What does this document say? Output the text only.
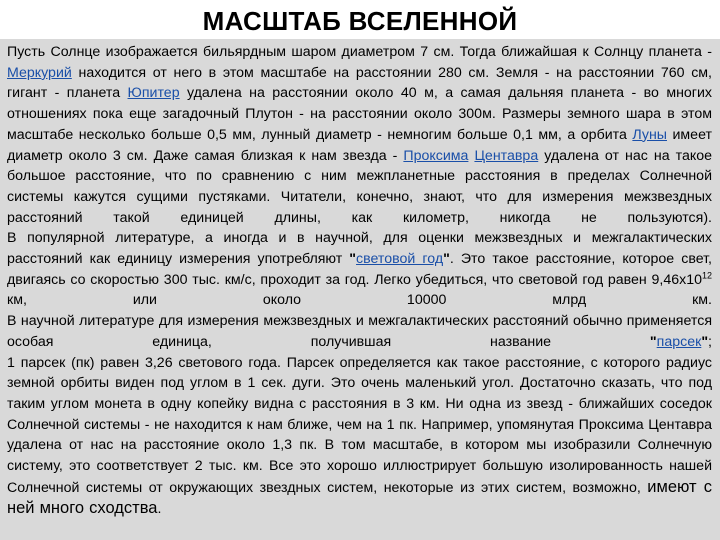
МАСШТАБ ВСЕЛЕННОЙ

Пусть Солнце изображается бильярдным шаром диаметром 7 см. Тогда ближайшая к Солнцу планета - Меркурий находится от него в этом масштабе на расстоянии 280 см. Земля - на расстоянии 760 см, гигант - планета Юпитер удалена на расстоянии около 40 м, а самая дальняя планета - во многих отношениях пока еще загадочный Плутон - на расстоянии около 300м. Размеры земного шара в этом масштабе несколько больше 0,5 мм, лунный диаметр - немногим больше 0,1 мм, а орбита Луны имеет диаметр около 3 см. Даже самая близкая к нам звезда - Проксима Центавра удалена от нас на такое большое расстояние, что по сравнению с ним межпланетные расстояния в пределах Солнечной системы кажутся сущими пустяками. Читатели, конечно, знают, что для измерения межзвездных расстояний такой единицей длины, как километр, никогда не пользуются).

В популярной литературе, а иногда и в научной, для оценки межзвездных и межгалактических расстояний как единицу измерения употребляют "световой год". Это такое расстояние, которое свет, двигаясь со скоростью 300 тыс. км/с, проходит за год. Легко убедиться, что световой год равен $9,46х10^{12}$ км, или около 10000 млрд км.

В научной литературе для измерения межзвездных и межгалактических расстояний обычно применяется особая единица, получившая название "парсек";

1 парсек (пк) равен 3,26 светового года. Парсек определяется как такое расстояние, с которого радиус земной орбиты виден под углом в 1 сек. дуги. Это очень маленький угол. Достаточно сказать, что под таким углом монета в одну копейку видна с расстояния в 3 км. Ни одна из звезд - ближайших соседок Солнечной системы - не находится к нам ближе, чем на 1 пк. Например, упомянутая Проксима Центавра удалена от нас на расстояние около 1,3 пк. В том масштабе, в котором мы изобразили Солнечную систему, это соответствует 2 тыс. км. Все это хорошо иллюстрирует большую изолированность нашей Солнечной системы от окружающих звездных систем, некоторые из этих систем, возможно, имеют с ней много сходства.
